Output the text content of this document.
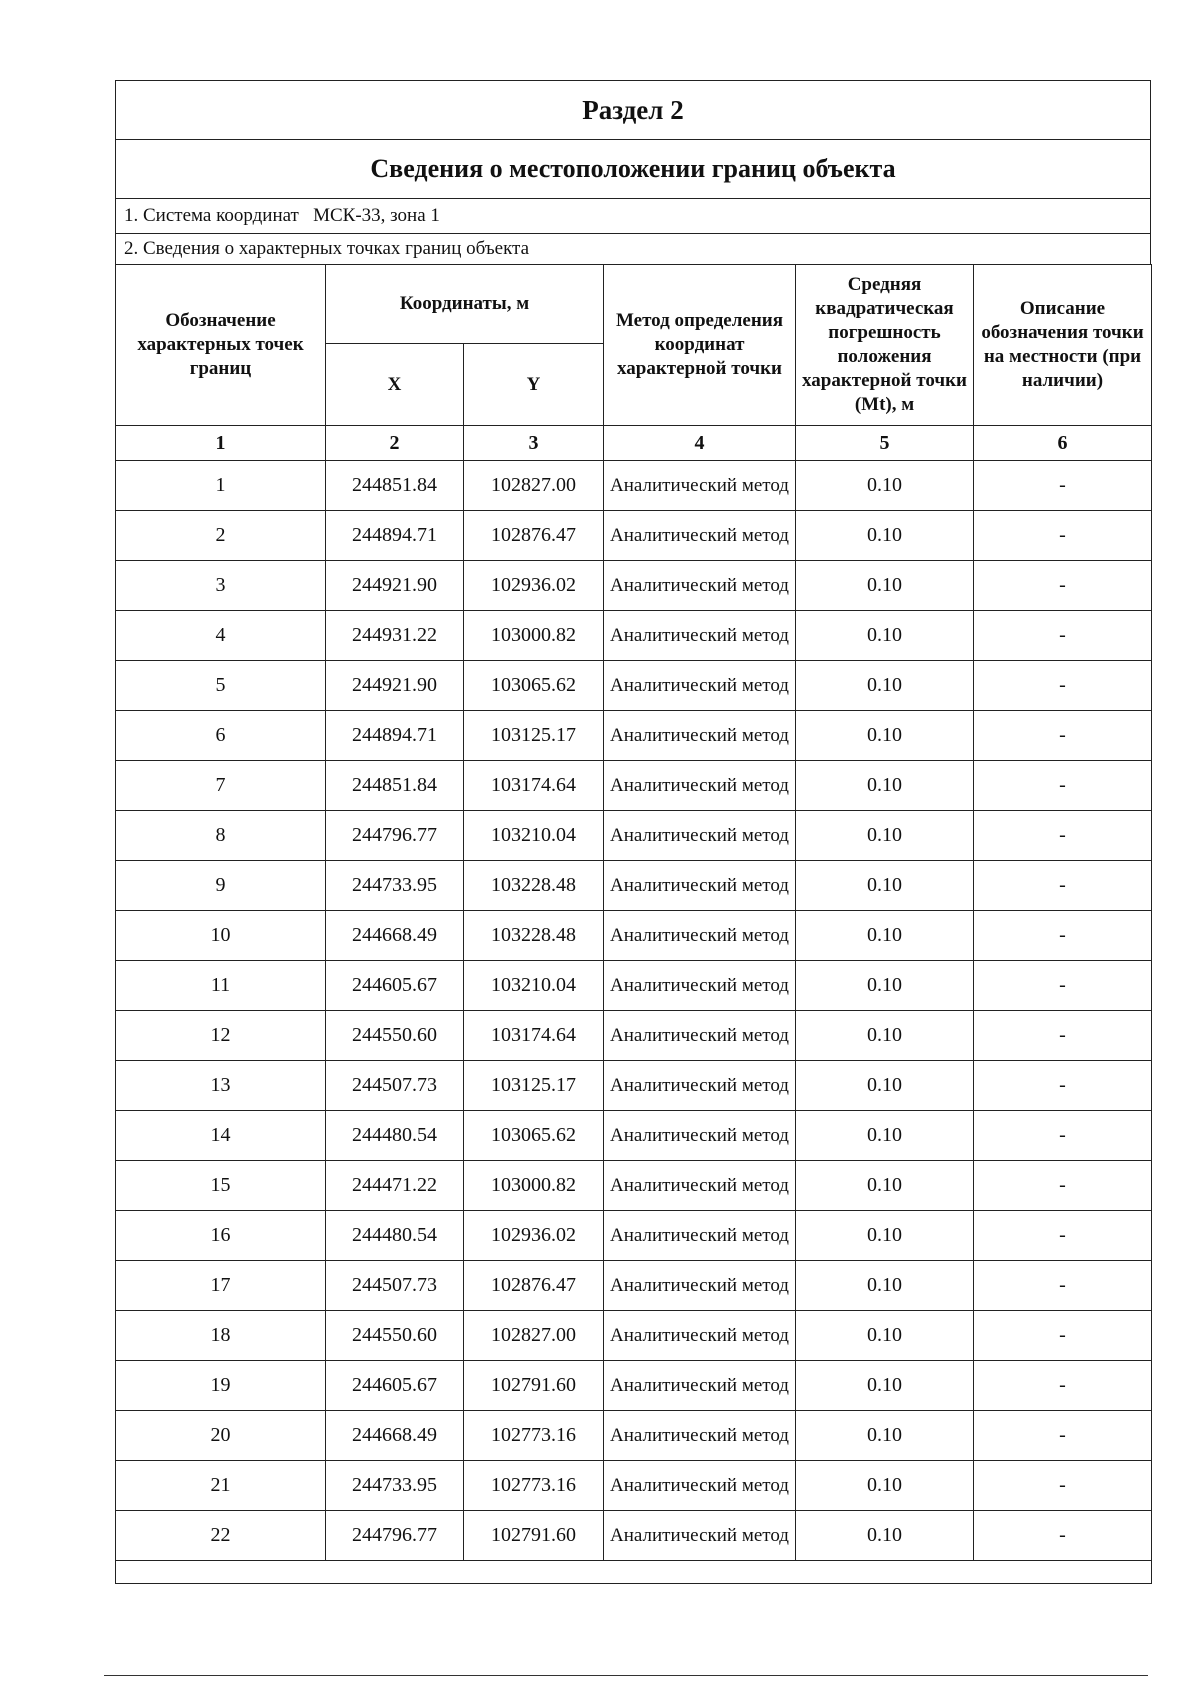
Раздел 2
Сведения о местоположении границ объекта
1. Система координат   МСК-33, зона 1
2. Сведения о характерных точках границ объекта
Обозначение характерных точек границ	Координаты, м		Метод определения координат характерной точки	Средняя квадратическая погрешность положения характерной точки (Mt), м	Описание обозначения точки на местности (при наличии)
	X	Y			
1	2	3	4	5	6
1	244851.84	102827.00	Аналитический метод	0.10	-
2	244894.71	102876.47	Аналитический метод	0.10	-
3	244921.90	102936.02	Аналитический метод	0.10	-
4	244931.22	103000.82	Аналитический метод	0.10	-
5	244921.90	103065.62	Аналитический метод	0.10	-
6	244894.71	103125.17	Аналитический метод	0.10	-
7	244851.84	103174.64	Аналитический метод	0.10	-
8	244796.77	103210.04	Аналитический метод	0.10	-
9	244733.95	103228.48	Аналитический метод	0.10	-
10	244668.49	103228.48	Аналитический метод	0.10	-
11	244605.67	103210.04	Аналитический метод	0.10	-
12	244550.60	103174.64	Аналитический метод	0.10	-
13	244507.73	103125.17	Аналитический метод	0.10	-
14	244480.54	103065.62	Аналитический метод	0.10	-
15	244471.22	103000.82	Аналитический метод	0.10	-
16	244480.54	102936.02	Аналитический метод	0.10	-
17	244507.73	102876.47	Аналитический метод	0.10	-
18	244550.60	102827.00	Аналитический метод	0.10	-
19	244605.67	102791.60	Аналитический метод	0.10	-
20	244668.49	102773.16	Аналитический метод	0.10	-
21	244733.95	102773.16	Аналитический метод	0.10	-
22	244796.77	102791.60	Аналитический метод	0.10	-
